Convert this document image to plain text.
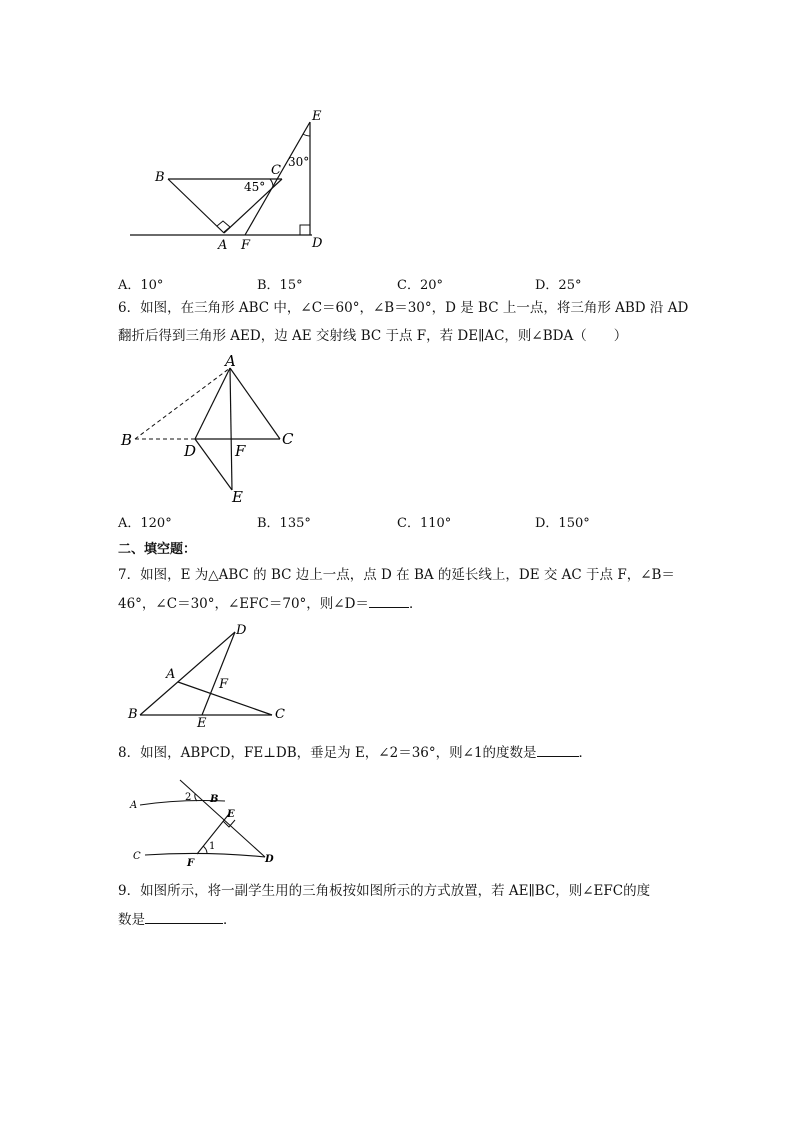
E
30°
C
45°
B
A F	D
A．10°	B．15°	C．20°	D．25°
6．如图，在三角形 ABC 中，∠C＝60°，∠B＝30°，D 是 BC 上一点，将三角形 ABD 沿 AD
翻折后得到三角形 AED，边 AE 交射线 BC 于点 F，若 DE∥AC，则∠BDA（　　）
A
B	C
D	F
E
A．120°	B．135°	C．110°	D．150°
二、填空题：
7．如图，E 为△ABC 的 BC 边上一点，点 D 在 BA 的延长线上，DE 交 AC 于点 F，∠B＝
46°，∠C＝30°，∠EFC＝70°，则∠D＝	．
D
A
F
B
E
C
8．如图，ABPCD，FE⊥DB，垂足为 E，∠2＝36°，则∠1的度数是	．
A
2 B
E
1
C
F	D
9．如图所示，将一副学生用的三角板按如图所示的方式放置，若 AE∥BC，则∠EFC的度
数是	．
